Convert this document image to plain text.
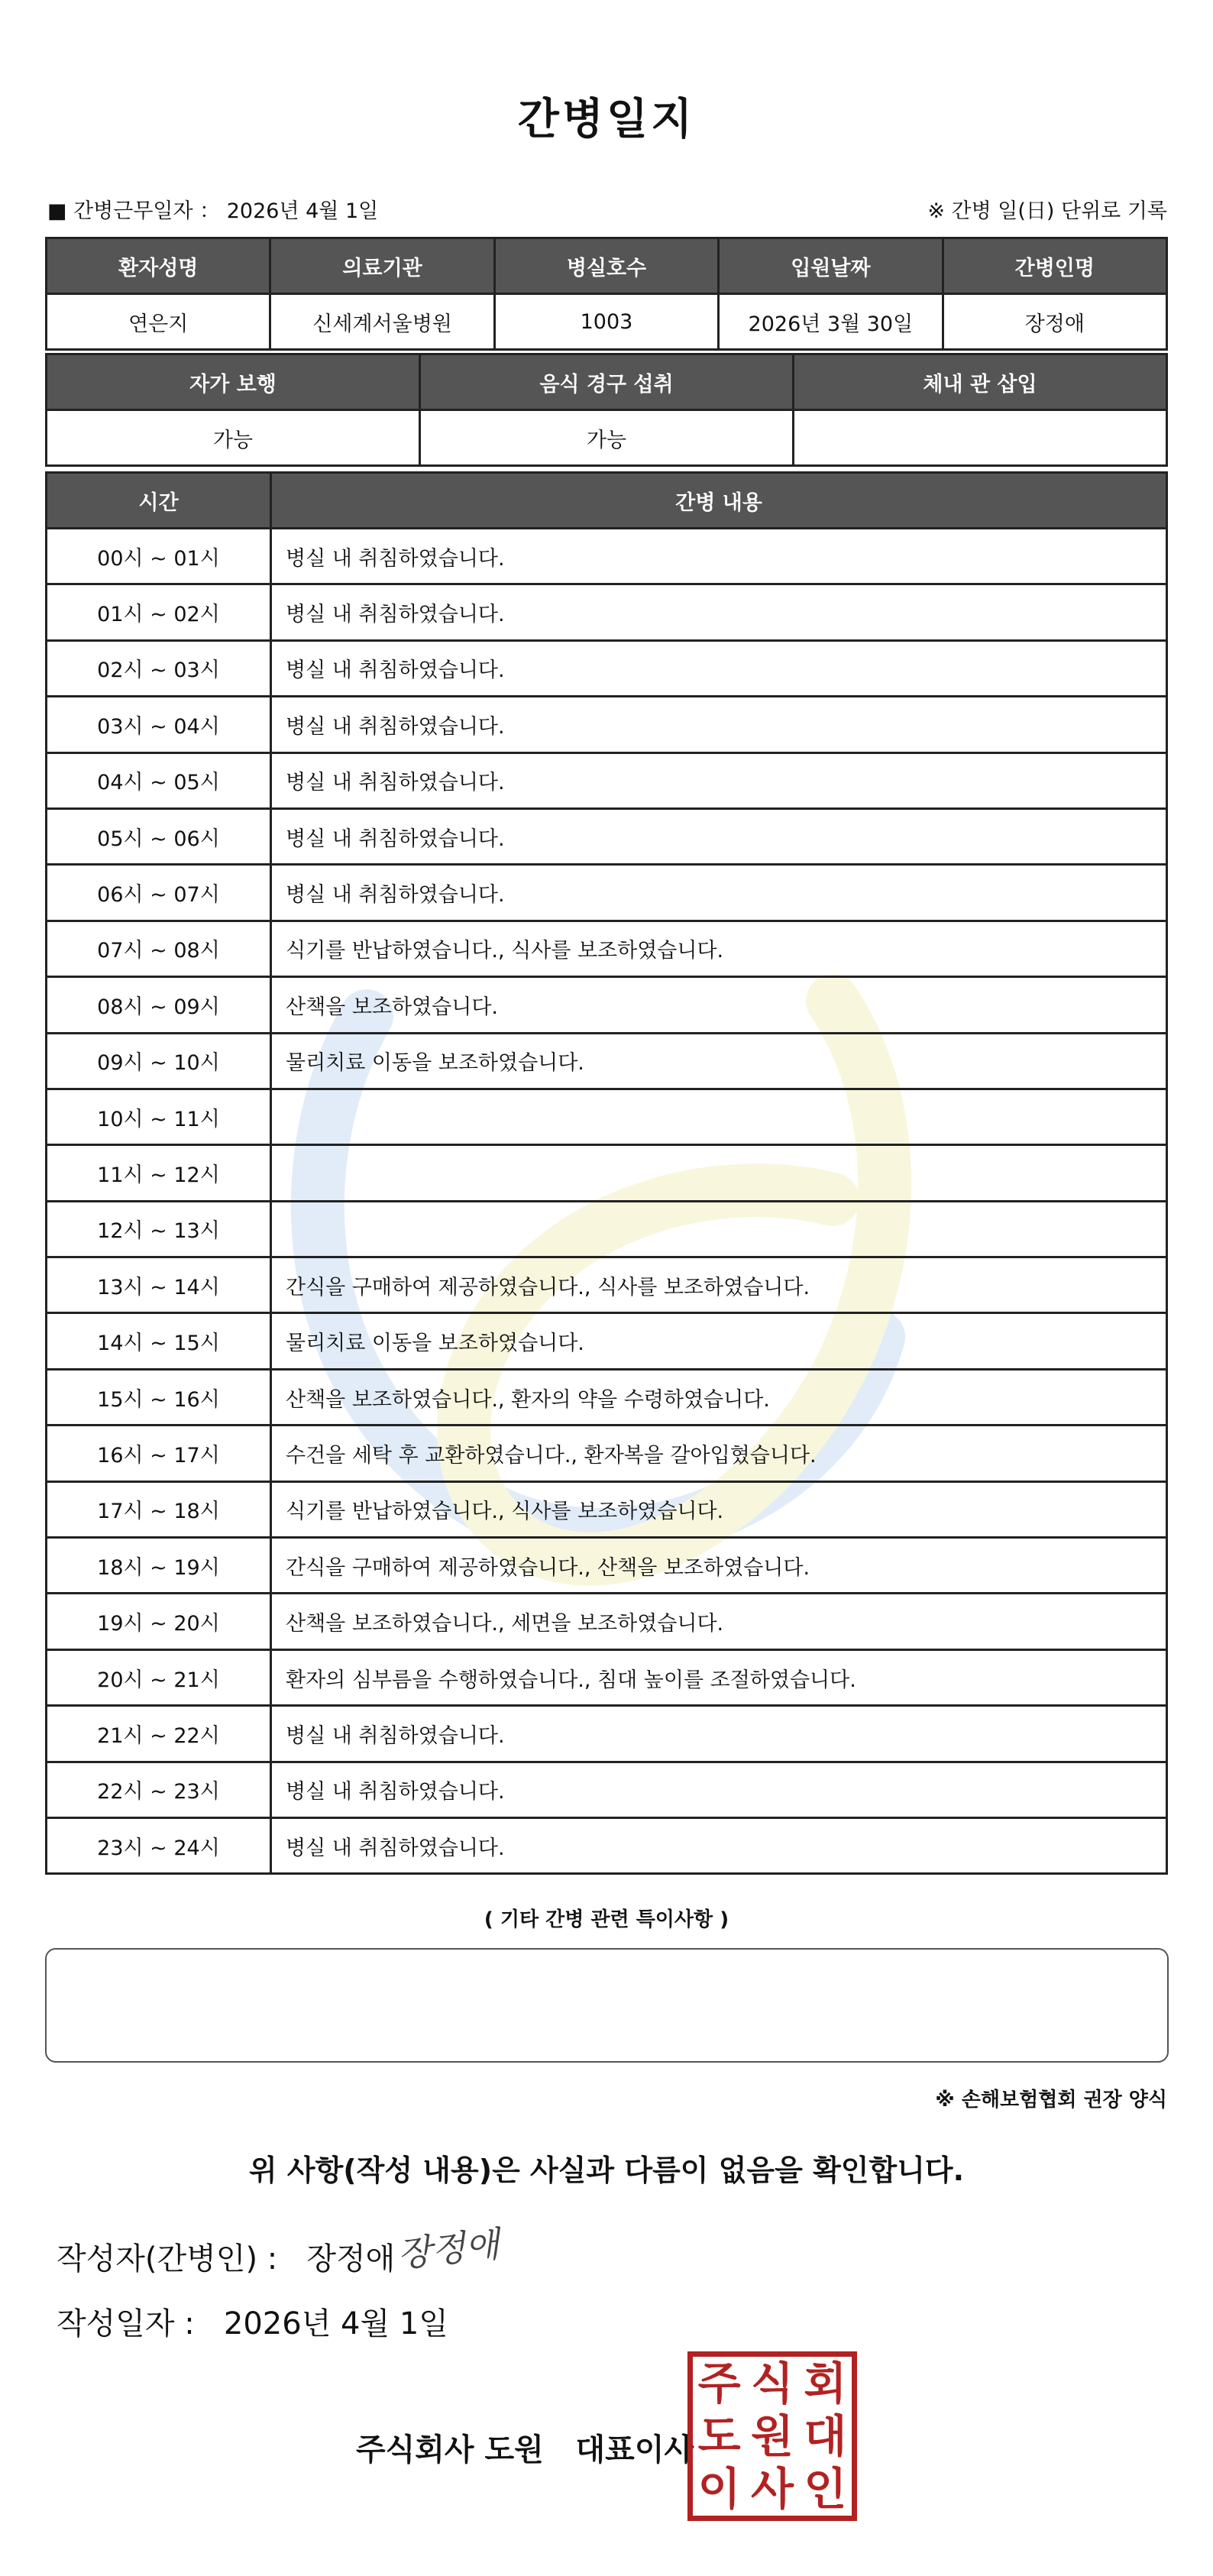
간병일지
■ 간병근무일자 ： 2026년 4월 1일	※ 간병 일(日) 단위로 기록
환자성명	의료기관	병실호수	입원날짜	간병인명
연은지	신세계서울병원	1003	2026년 3월 30일	장정애
자가 보행	음식 경구 섭취	체내 관 삽입
가능	가능	
시간	간병 내용
00시 ~ 01시	병실 내 취침하였습니다.
01시 ~ 02시	병실 내 취침하였습니다.
02시 ~ 03시	병실 내 취침하였습니다.
03시 ~ 04시	병실 내 취침하였습니다.
04시 ~ 05시	병실 내 취침하였습니다.
05시 ~ 06시	병실 내 취침하였습니다.
06시 ~ 07시	병실 내 취침하였습니다.
07시 ~ 08시	식기를 반납하였습니다., 식사를 보조하였습니다.
08시 ~ 09시	산책을 보조하였습니다.
09시 ~ 10시	물리치료 이동을 보조하였습니다.
10시 ~ 11시	
11시 ~ 12시	
12시 ~ 13시	
13시 ~ 14시	간식을 구매하여 제공하였습니다., 식사를 보조하였습니다.
14시 ~ 15시	물리치료 이동을 보조하였습니다.
15시 ~ 16시	산책을 보조하였습니다., 환자의 약을 수령하였습니다.
16시 ~ 17시	수건을 세탁 후 교환하였습니다., 환자복을 갈아입혔습니다.
17시 ~ 18시	식기를 반납하였습니다., 식사를 보조하였습니다.
18시 ~ 19시	간식을 구매하여 제공하였습니다., 산책을 보조하였습니다.
19시 ~ 20시	산책을 보조하였습니다., 세면을 보조하였습니다.
20시 ~ 21시	환자의 심부름을 수행하였습니다., 침대 높이를 조절하였습니다.
21시 ~ 22시	병실 내 취침하였습니다.
22시 ~ 23시	병실 내 취침하였습니다.
23시 ~ 24시	병실 내 취침하였습니다.
( 기타 간병 관련 특이사항 )
※ 손해보험협회 권장 양식
위 사항(작성 내용)은 사실과 다름이 없음을 확인합니다.
작성자(간병인) :   장정애 장정애
작성일자 :   2026년 4월 1일
주식회사 도원   대표이사
주 식 회
도 원 대
이 사 인
